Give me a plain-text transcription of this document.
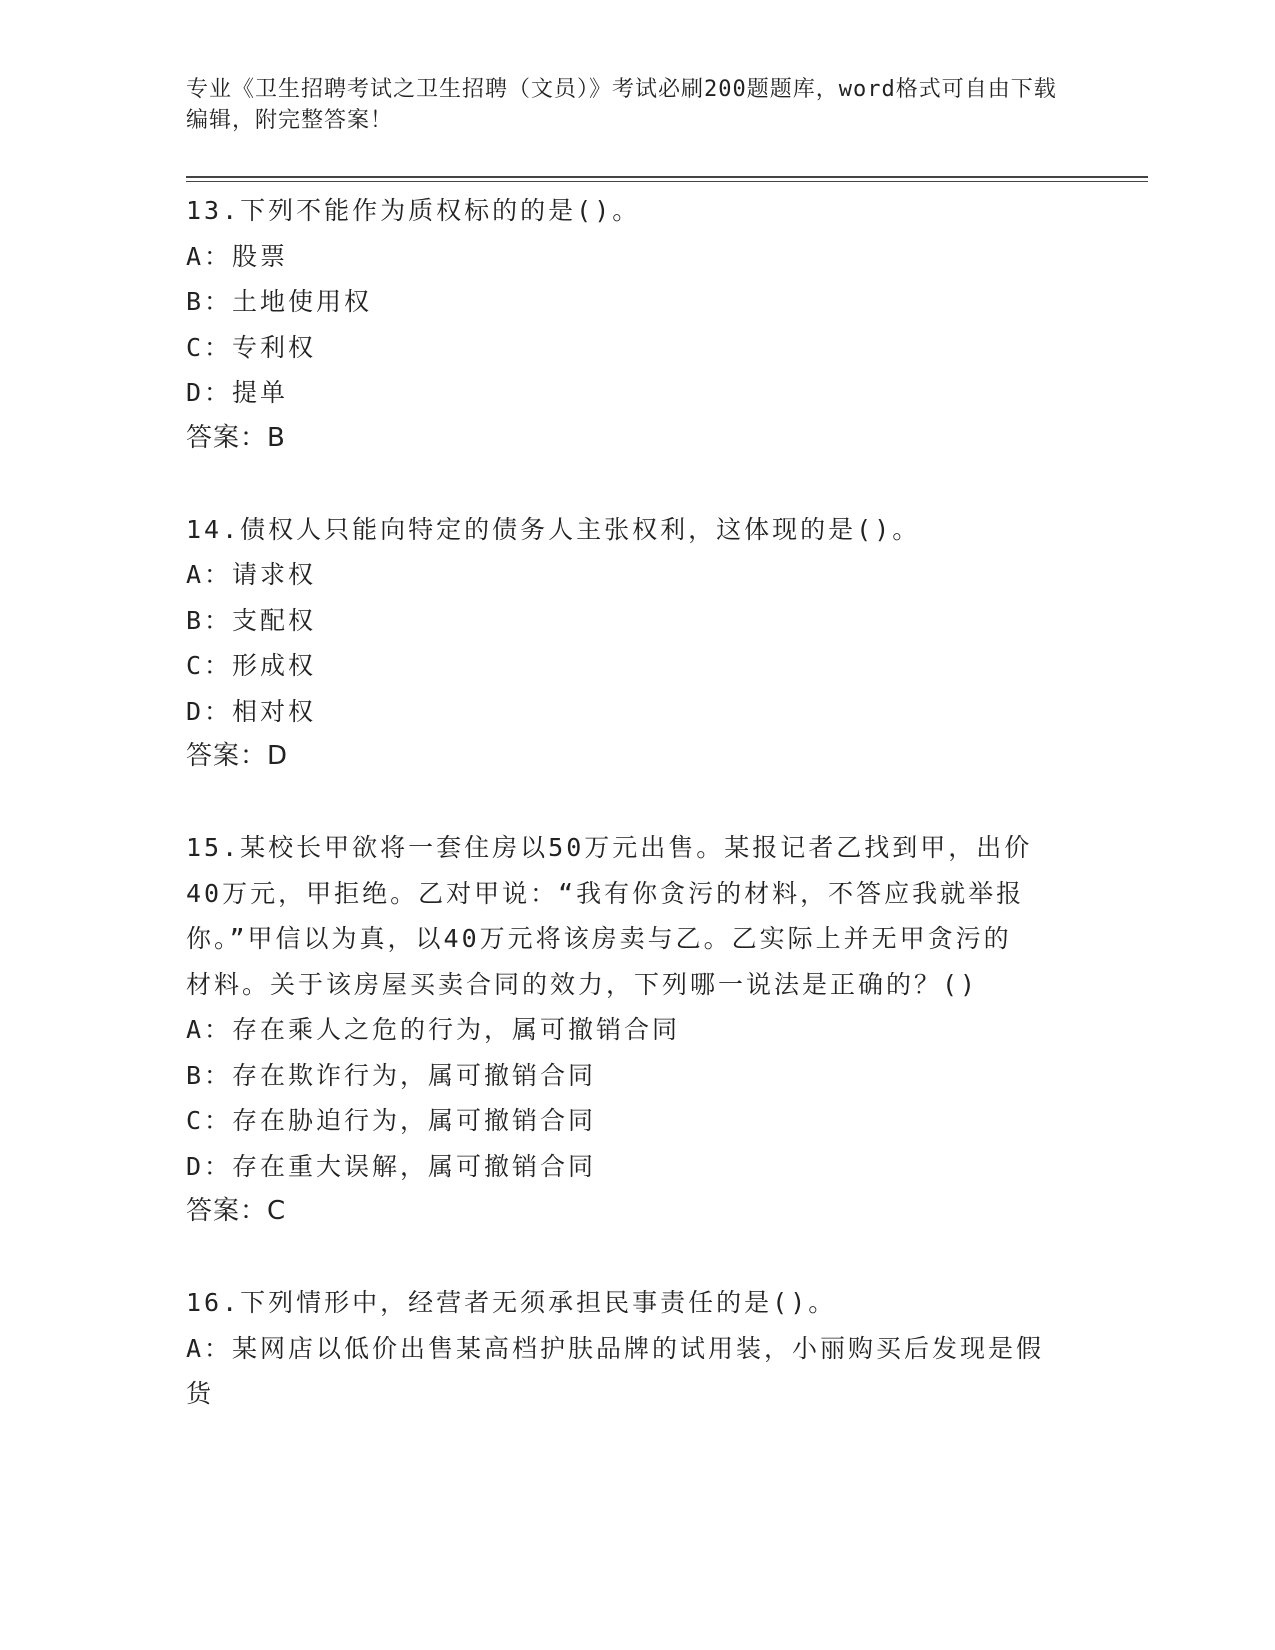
专业《卫生招聘考试之卫生招聘（文员）》考试必刷200题题库，word格式可自由下载编辑，附完整答案！
13.下列不能作为质权标的的是()。
A：股票
B：土地使用权
C：专利权
D：提单
答案：B
14.债权人只能向特定的债务人主张权利，这体现的是()。
A：请求权
B：支配权
C：形成权
D：相对权
答案：D
15.某校长甲欲将一套住房以50万元出售。某报记者乙找到甲，出价
40万元，甲拒绝。乙对甲说：“我有你贪污的材料，不答应我就举报
你。”甲信以为真，以40万元将该房卖与乙。乙实际上并无甲贪污的
材料。关于该房屋买卖合同的效力，下列哪一说法是正确的？()
A：存在乘人之危的行为，属可撤销合同
B：存在欺诈行为，属可撤销合同
C：存在胁迫行为，属可撤销合同
D：存在重大误解，属可撤销合同
答案：C
16.下列情形中，经营者无须承担民事责任的是()。
A：某网店以低价出售某高档护肤品牌的试用装，小丽购买后发现是假
货
